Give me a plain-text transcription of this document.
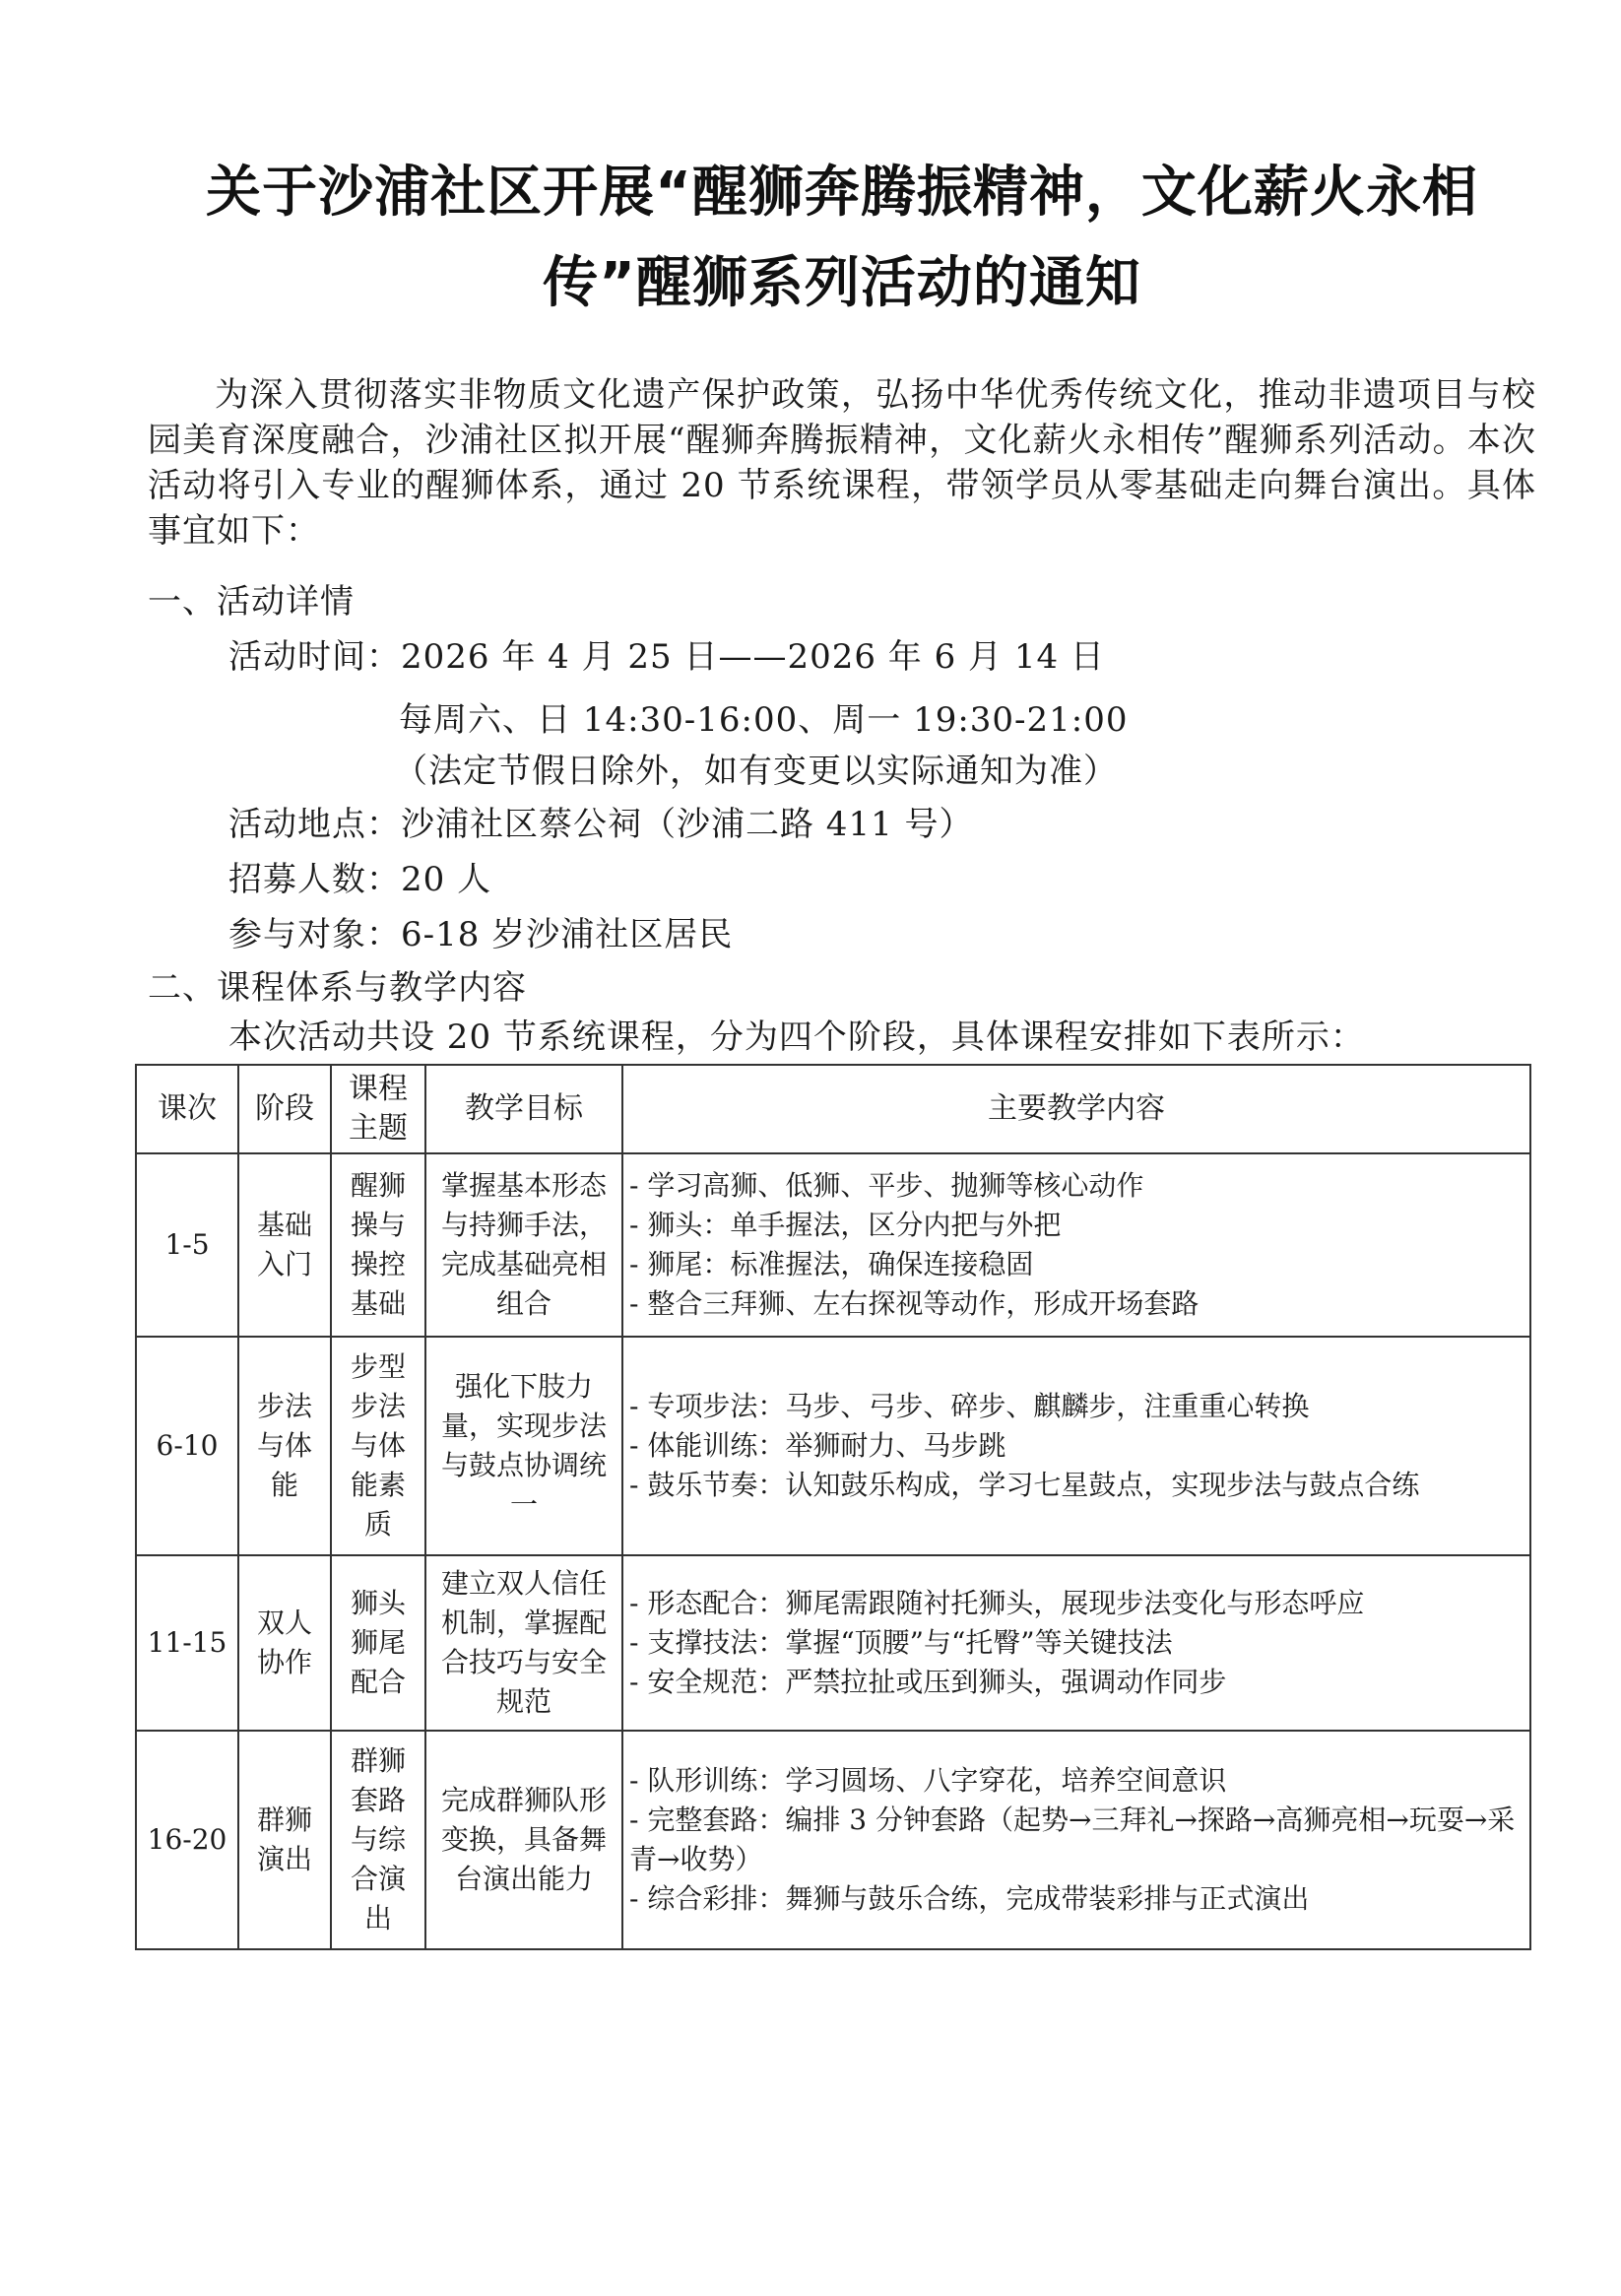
关于沙浦社区开展“醒狮奔腾振精神，文化薪火永相
传”醒狮系列活动的通知
为深入贯彻落实非物质文化遗产保护政策，弘扬中华优秀传统文化，推动非遗项目与校园美育深度融合，沙浦社区拟开展“醒狮奔腾振精神，文化薪火永相传”醒狮系列活动。本次活动将引入专业的醒狮体系，通过 20 节系统课程，带领学员从零基础走向舞台演出。具体事宜如下：
一、活动详情
活动时间：2026 年 4 月 25 日——2026 年 6 月 14 日
每周六、日 14:30-16:00、周一 19:30-21:00
（法定节假日除外，如有变更以实际通知为准）
活动地点：沙浦社区蔡公祠（沙浦二路 411 号）
招募人数：20 人
参与对象：6-18 岁沙浦社区居民
二、课程体系与教学内容
本次活动共设 20 节系统课程，分为四个阶段，具体课程安排如下表所示：
课次	阶段	课程主题	教学目标	主要教学内容
1-5	基础入门	醒狮操与操控基础	掌握基本形态与持狮手法，完成基础亮相组合	- 学习高狮、低狮、平步、抛狮等核心动作
- 狮头：单手握法，区分内把与外把
- 狮尾：标准握法，确保连接稳固
- 整合三拜狮、左右探视等动作，形成开场套路

6-10	步法与体能	步型步法与体能素质	强化下肢力量，实现步法与鼓点协调统一	- 专项步法：马步、弓步、碎步、麒麟步，注重重心转换
- 体能训练：举狮耐力、马步跳
- 鼓乐节奏：认知鼓乐构成，学习七星鼓点，实现步法与鼓点合练

11-15	双人协作	狮头狮尾配合	建立双人信任机制，掌握配合技巧与安全规范	- 形态配合：狮尾需跟随衬托狮头，展现步法变化与形态呼应
- 支撑技法：掌握“顶腰”与“托臀”等关键技法
- 安全规范：严禁拉扯或压到狮头，强调动作同步

16-20	群狮演出	群狮套路与综合演出	完成群狮队形变换，具备舞台演出能力	- 队形训练：学习圆场、八字穿花，培养空间意识
- 完整套路：编排 3 分钟套路（起势→三拜礼→探路→高狮亮相→玩耍→采青→收势）
- 综合彩排：舞狮与鼓乐合练，完成带装彩排与正式演出
